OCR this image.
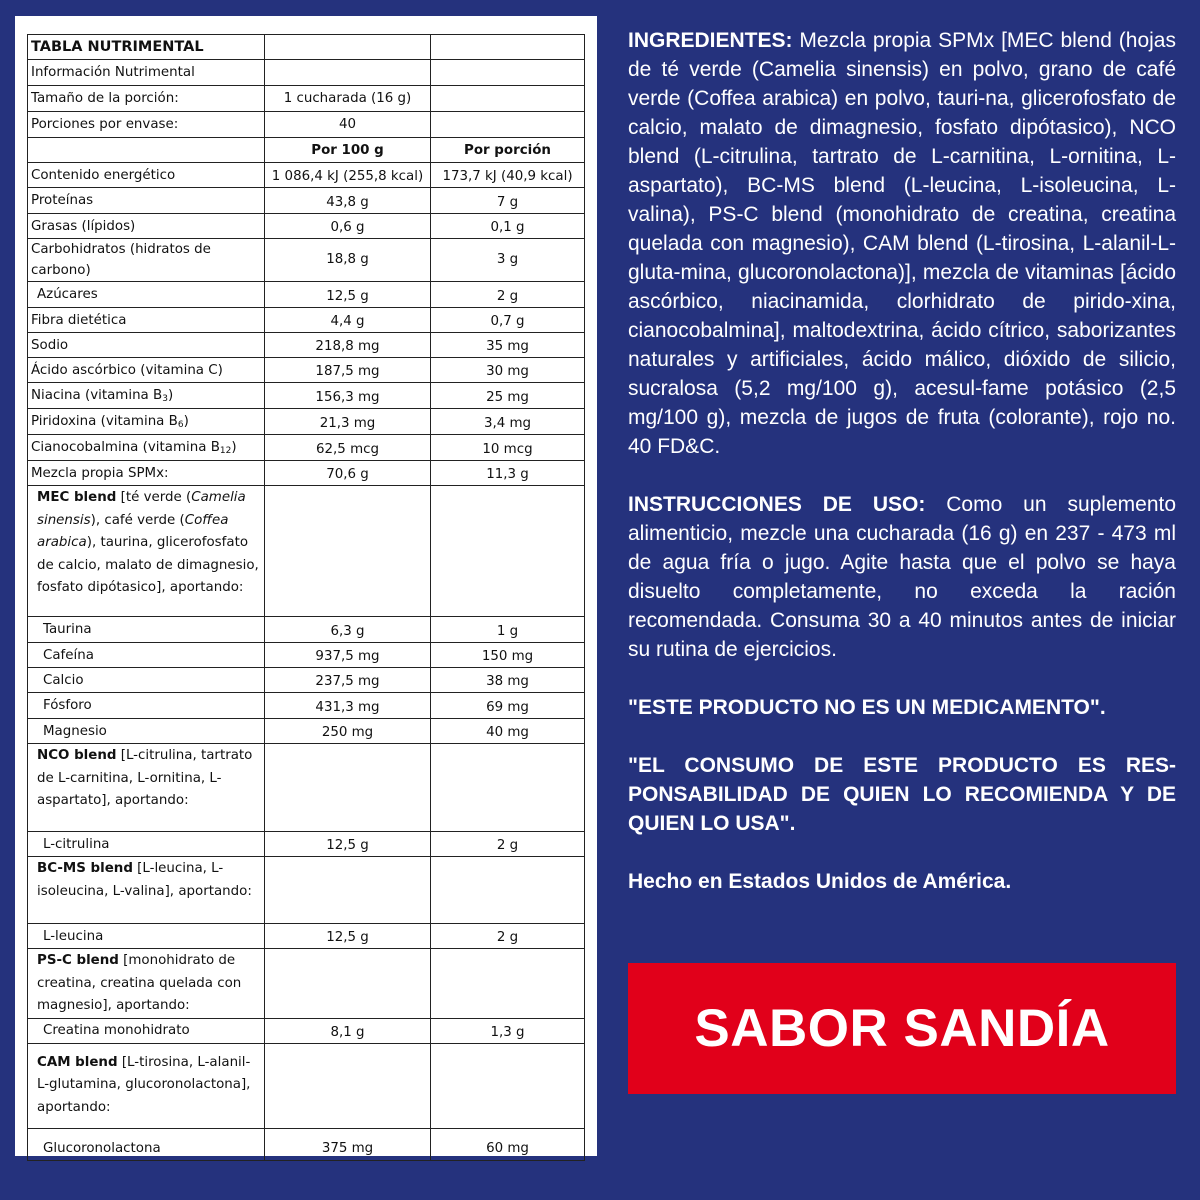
TABLA NUTRIMENTAL		
Información Nutrimental		
Tamaño de la porción:	1 cucharada (16 g)	
Porciones por envase:	40	
	Por 100 g	Por porción
Contenido energético	1 086,4 kJ (255,8 kcal)	173,7 kJ (40,9 kcal)
Proteínas	43,8 g	7 g
Grasas (lípidos)	0,6 g	0,1 g
Carbohidratos (hidratos de carbono)	18,8 g	3 g
Azúcares	12,5 g	2 g
Fibra dietética	4,4 g	0,7 g
Sodio	218,8 mg	35 mg
Ácido ascórbico (vitamina C)	187,5 mg	30 mg
Niacina (vitamina $B_3$)	156,3 mg	25 mg
Piridoxina (vitamina $B_6$)	21,3 mg	3,4 mg
Cianocobalmina (vitamina $B_{12}$)	62,5 mcg	10 mcg
Mezcla propia SPMx:	70,6 g	11,3 g
MEC blend [té verde (Camelia sinensis), café verde (Coffea arabica), taurina, glicerofosfato de calcio, malato de dimagnesio, fosfato dipótasico], aportando:		
Taurina	6,3 g	1 g
Cafeína	937,5 mg	150 mg
Calcio	237,5 mg	38 mg
Fósforo	431,3 mg	69 mg
Magnesio	250 mg	40 mg
NCO blend [L-citrulina, tartrato de L-carnitina, L-ornitina, L-aspartato], aportando:		
L-citrulina	12,5 g	2 g
BC-MS blend [L-leucina, L-isoleucina, L-valina], aportando:		
L-leucina	12,5 g	2 g
PS-C blend [monohidrato de creatina, creatina quelada con magnesio], aportando:		
Creatina monohidrato	8,1 g	1,3 g
CAM blend [L-tirosina, L-alanil-L-glutamina, glucoronolactona], aportando:		
Glucoronolactona	375 mg	60 mg

INGREDIENTES: Mezcla propia SPMx [MEC blend (hojas de té verde (Camelia sinensis) en polvo, grano de café verde (Coffea arabica) en polvo, tauri-na, glicerofosfato de calcio, malato de dimagnesio, fosfato dipótasico), NCO blend (L-citrulina, tartrato de L-carnitina, L-ornitina, L-aspartato), BC-MS blend (L-leucina, L-isoleucina, L-valina), PS-C blend (monohidrato de creatina, creatina quelada con magnesio), CAM blend (L-tirosina, L-alanil-L-gluta-mina, glucoronolactona)], mezcla de vitaminas [ácido ascórbico, niacinamida, clorhidrato de pirido-xina, cianocobalmina], maltodextrina, ácido cítrico, saborizantes naturales y artificiales, ácido málico, dióxido de silicio, sucralosa (5,2 mg/100 g), acesul-fame potásico (2,5 mg/100 g), mezcla de jugos de fruta (colorante), rojo no. 40 FD&C.

INSTRUCCIONES DE USO: Como un suplemento alimenticio, mezcle una cucharada (16 g) en 237 - 473 ml de agua fría o jugo. Agite hasta que el polvo se haya disuelto completamente, no exceda la ración recomendada. Consuma 30 a 40 minutos antes de iniciar su rutina de ejercicios.

"ESTE PRODUCTO NO ES UN MEDICAMENTO".

"EL CONSUMO DE ESTE PRODUCTO ES RES-PONSABILIDAD DE QUIEN LO RECOMIENDA Y DE QUIEN LO USA".

Hecho en Estados Unidos de América.

SABOR SANDÍA
